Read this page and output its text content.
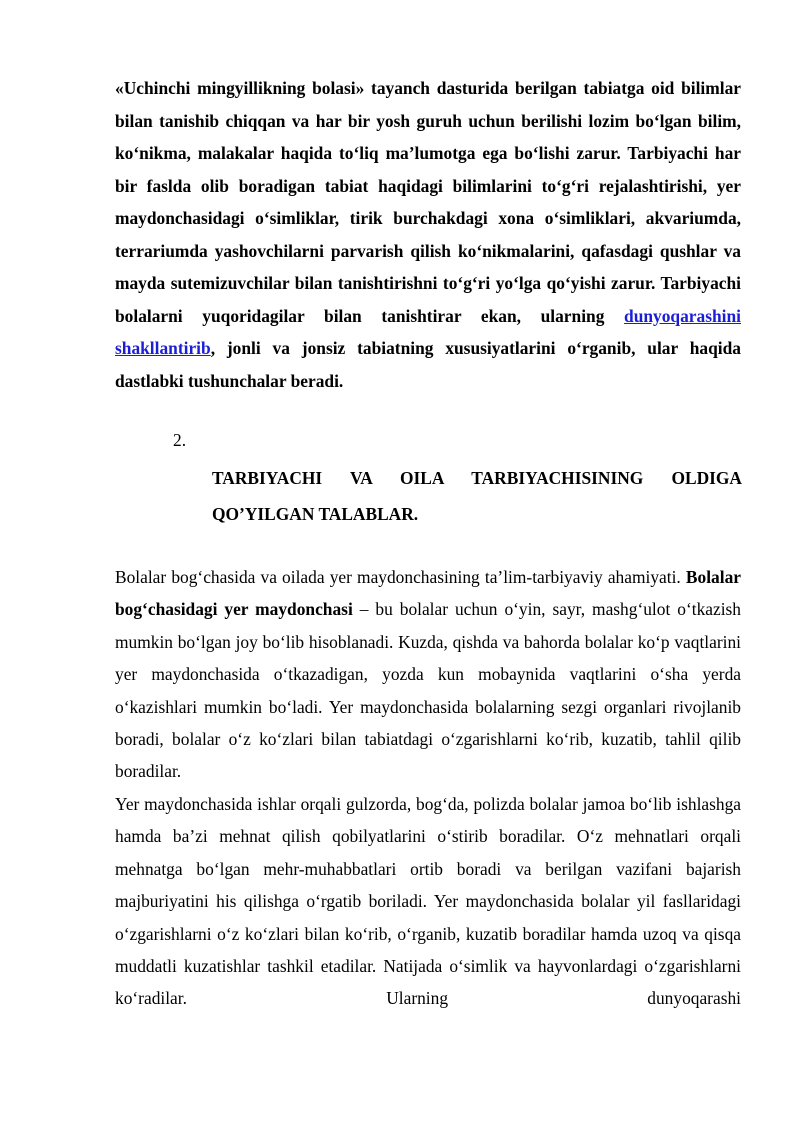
«Uchinchi mingyillikning bolasi» tayanch dasturida berilgan tabiatga oid bilimlar bilan tanishib chiqqan va har bir yosh guruh uchun berilishi lozim bo‘lgan bilim, ko‘nikma, malakalar haqida to‘liq ma’lumotga ega bo‘lishi zarur. Tarbiyachi har bir faslda olib boradigan tabiat haqidagi bilimlarini to‘g‘ri rejalashtirishi, yer maydonchasidagi o‘simliklar, tirik burchakdagi xona o‘simliklari, akvariumda, terrariumda yashovchilarni parvarish qilish ko‘nikmalarini, qafasdagi qushlar va mayda sutemizuvchilar bilan tanishtirishni to‘g‘ri yo‘lga qo‘yishi zarur. Tarbiyachi bolalarni yuqoridagilar bilan tanishtirar ekan, ularning dunyoqarashini shakllantirib, jonli va jonsiz tabiatning xususiyatlarini o‘rganib, ular haqida dastlabki tushunchalar beradi.

2.

TARBIYACHI VA OILA TARBIYACHISINING OLDIGA QO’YILGAN TALABLAR.

Bolalar bog‘chasida va oilada yer maydonchasining ta’lim-tarbiyaviy ahamiyati. Bolalar bog‘chasidagi yer maydonchasi – bu bolalar uchun o‘yin, sayr, mashg‘ulot o‘tkazish mumkin bo‘lgan joy bo‘lib hisoblanadi. Kuzda, qishda va bahorda bolalar ko‘p vaqtlarini yer maydonchasida o‘tkazadigan, yozda kun mobaynida vaqtlarini o‘sha yerda o‘kazishlari mumkin bo‘ladi. Yer maydonchasida bolalarning sezgi organlari rivojlanib boradi, bolalar o‘z ko‘zlari bilan tabiatdagi o‘zgarishlarni ko‘rib, kuzatib, tahlil qilib boradilar.

Yer maydonchasida ishlar orqali gulzorda, bog‘da, polizda bolalar jamoa bo‘lib ishlashga hamda ba’zi mehnat qilish qobilyatlarini o‘stirib boradilar. O‘z mehnatlari orqali mehnatga bo‘lgan mehr-muhabbatlari ortib boradi va berilgan vazifani bajarish majburiyatini his qilishga o‘rgatib boriladi. Yer maydonchasida bolalar yil fasllaridagi o‘zgarishlarni o‘z ko‘zlari bilan ko‘rib, o‘rganib, kuzatib boradilar hamda uzoq va qisqa muddatli kuzatishlar tashkil etadilar. Natijada o‘simlik va hayvonlardagi o‘zgarishlarni ko‘radilar. Ularning dunyoqarashi
